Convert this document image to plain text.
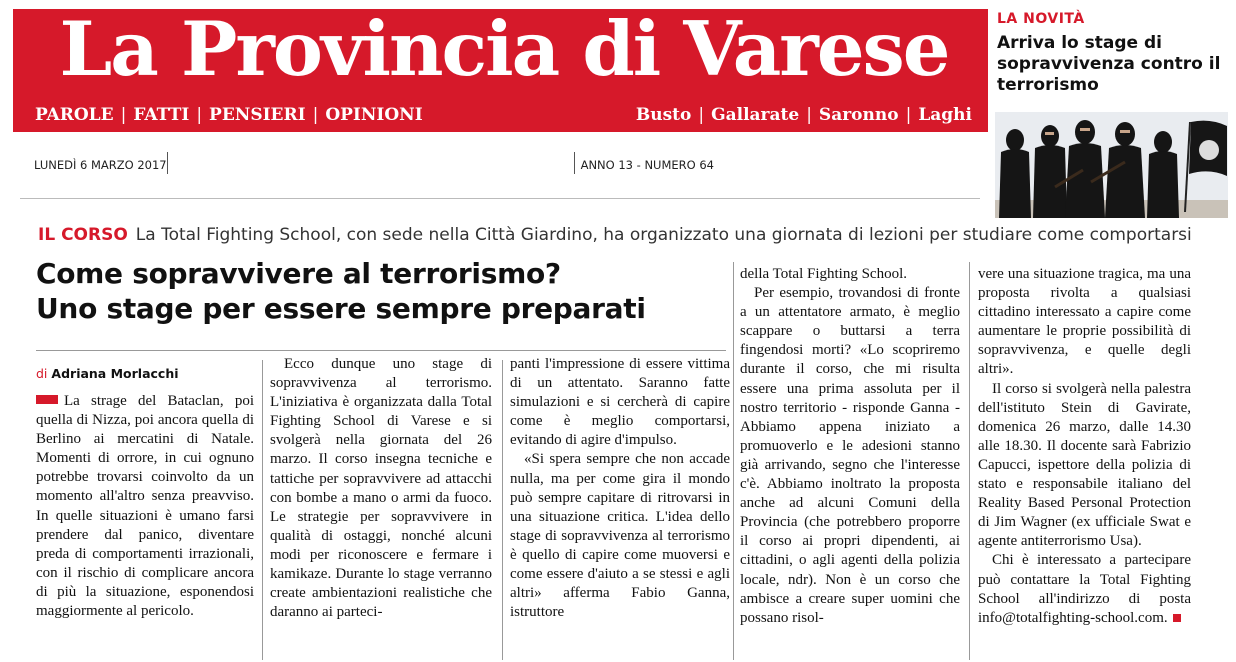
La Provincia di Varese
PAROLE | FATTI | PENSIERI | OPINIONI	Busto | Gallarate | Saronno | Laghi
LUNEDÌ 6 MARZO 2017	ANNO 13 - NUMERO 64
LA NOVITÀ
Arriva lo stage di sopravvivenza contro il terrorismo
IL CORSO La Total Fighting School, con sede nella Città Giardino, ha organizzato una giornata di lezioni per studiare come comportarsi
Come sopravvivere al terrorismo?
Uno stage per essere sempre preparati
di Adriana Morlacchi

La strage del Bataclan, poi quella di Nizza, poi ancora quella di Berlino ai mercatini di Natale. Momenti di orrore, in cui ognuno potrebbe trovarsi coinvolto da un momento all'altro senza preavviso. In quelle situazioni è umano farsi prendere dal panico, diventare preda di comportamenti irrazionali, con il rischio di complicare ancora di più la situazione, esponendosi maggiormente al pericolo.

Ecco dunque uno stage di sopravvivenza al terrorismo. L'iniziativa è organizzata dalla Total Fighting School di Varese e si svolgerà nella giornata del 26 marzo. Il corso insegna tecniche e tattiche per sopravvivere ad attacchi con bombe a mano o armi da fuoco. Le strategie per sopravvivere in qualità di ostaggi, nonché alcuni modi per riconoscere e fermare i kamikaze. Durante lo stage verranno create ambientazioni realistiche che daranno ai parteci-

panti l'impressione di essere vittima di un attentato. Saranno fatte simulazioni e si cercherà di capire come è meglio comportarsi, evitando di agire d'impulso.

«Si spera sempre che non accade nulla, ma per come gira il mondo può sempre capitare di ritrovarsi in una situazione critica. L'idea dello stage di sopravvivenza al terrorismo è quello di capire come muoversi e come essere d'aiuto a se stessi e agli altri» afferma Fabio Ganna, istruttore

della Total Fighting School.

Per esempio, trovandosi di fronte a un attentatore armato, è meglio scappare o buttarsi a terra fingendosi morti? «Lo scopriremo durante il corso, che mi risulta essere una prima assoluta per il nostro territorio - risponde Ganna - Abbiamo appena iniziato a promuoverlo e le adesioni stanno già arrivando, segno che l'interesse c'è. Abbiamo inoltrato la proposta anche ad alcuni Comuni della Provincia (che potrebbero proporre il corso ai propri dipendenti, ai cittadini, o agli agenti della polizia locale, ndr). Non è un corso che ambisce a creare super uomini che possano risol-

vere una situazione tragica, ma una proposta rivolta a qualsiasi cittadino interessato a capire come aumentare le proprie possibilità di sopravvivenza, e quelle degli altri».

Il corso si svolgerà nella palestra dell'istituto Stein di Gavirate, domenica 26 marzo, dalle 14.30 alle 18.30. Il docente sarà Fabrizio Capucci, ispettore della polizia di stato e responsabile italiano del Reality Based Personal Protection di Jim Wagner (ex ufficiale Swat e agente antiterrorismo Usa).

Chi è interessato a partecipare può contattare la Total Fighting School all'indirizzo di posta info@totalfighting-school.com.
